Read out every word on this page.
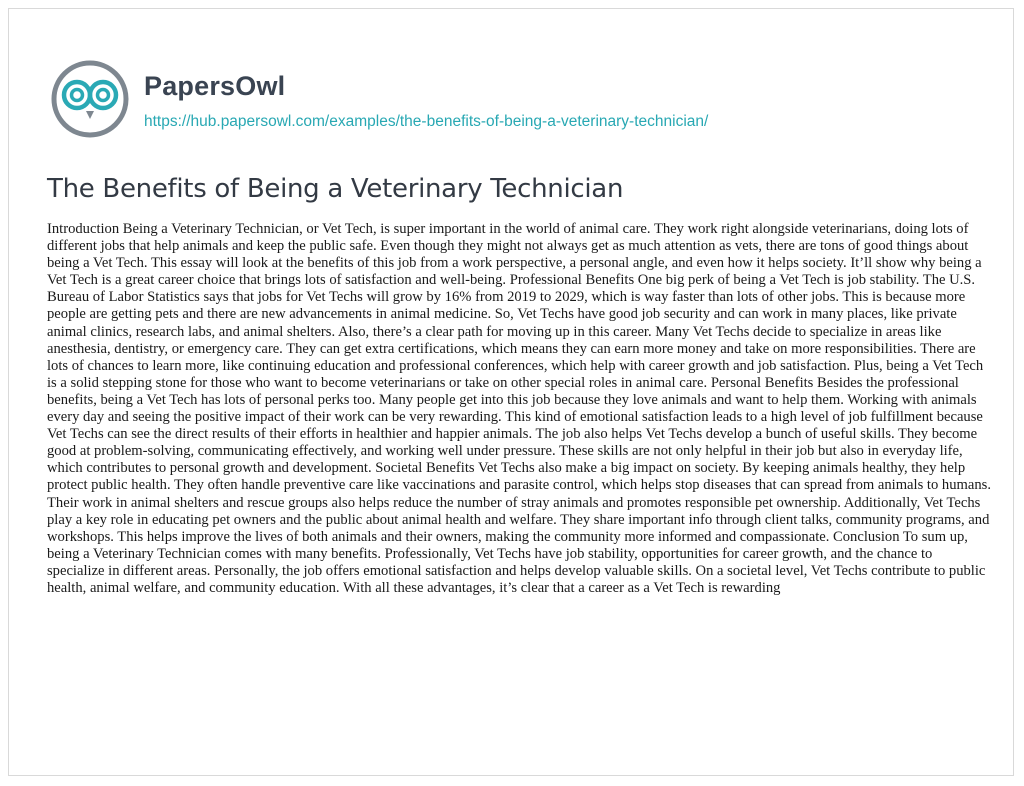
PapersOwl
https://hub.papersowl.com/examples/the-benefits-of-being-a-veterinary-technician/
The Benefits of Being a Veterinary Technician

Introduction Being a Veterinary Technician, or Vet Tech, is super important in the world of animal care. They work right alongside veterinarians, doing lots of different jobs that help animals and keep the public safe. Even though they might not always get as much attention as vets, there are tons of good things about being a Vet Tech. This essay will look at the benefits of this job from a work perspective, a personal angle, and even how it helps society. It’ll show why being a Vet Tech is a great career choice that brings lots of satisfaction and well-being. Professional Benefits One big perk of being a Vet Tech is job stability. The U.S. Bureau of Labor Statistics says that jobs for Vet Techs will grow by 16% from 2019 to 2029, which is way faster than lots of other jobs. This is because more people are getting pets and there are new advancements in animal medicine. So, Vet Techs have good job security and can work in many places, like private animal clinics, research labs, and animal shelters. Also, there’s a clear path for moving up in this career. Many Vet Techs decide to specialize in areas like anesthesia, dentistry, or emergency care. They can get extra certifications, which means they can earn more money and take on more responsibilities. There are lots of chances to learn more, like continuing education and professional conferences, which help with career growth and job satisfaction. Plus, being a Vet Tech is a solid stepping stone for those who want to become veterinarians or take on other special roles in animal care. Personal Benefits Besides the professional benefits, being a Vet Tech has lots of personal perks too. Many people get into this job because they love animals and want to help them. Working with animals every day and seeing the positive impact of their work can be very rewarding. This kind of emotional satisfaction leads to a high level of job fulfillment because Vet Techs can see the direct results of their efforts in healthier and happier animals. The job also helps Vet Techs develop a bunch of useful skills. They become good at problem-solving, communicating effectively, and working well under pressure. These skills are not only helpful in their job but also in everyday life, which contributes to personal growth and development. Societal Benefits Vet Techs also make a big impact on society. By keeping animals healthy, they help protect public health. They often handle preventive care like vaccinations and parasite control, which helps stop diseases that can spread from animals to humans. Their work in animal shelters and rescue groups also helps reduce the number of stray animals and promotes responsible pet ownership. Additionally, Vet Techs play a key role in educating pet owners and the public about animal health and welfare. They share important info through client talks, community programs, and workshops. This helps improve the lives of both animals and their owners, making the community more informed and compassionate. Conclusion To sum up, being a Veterinary Technician comes with many benefits. Professionally, Vet Techs have job stability, opportunities for career growth, and the chance to specialize in different areas. Personally, the job offers emotional satisfaction and helps develop valuable skills. On a societal level, Vet Techs contribute to public health, animal welfare, and community education. With all these advantages, it’s clear that a career as a Vet Tech is rewarding
